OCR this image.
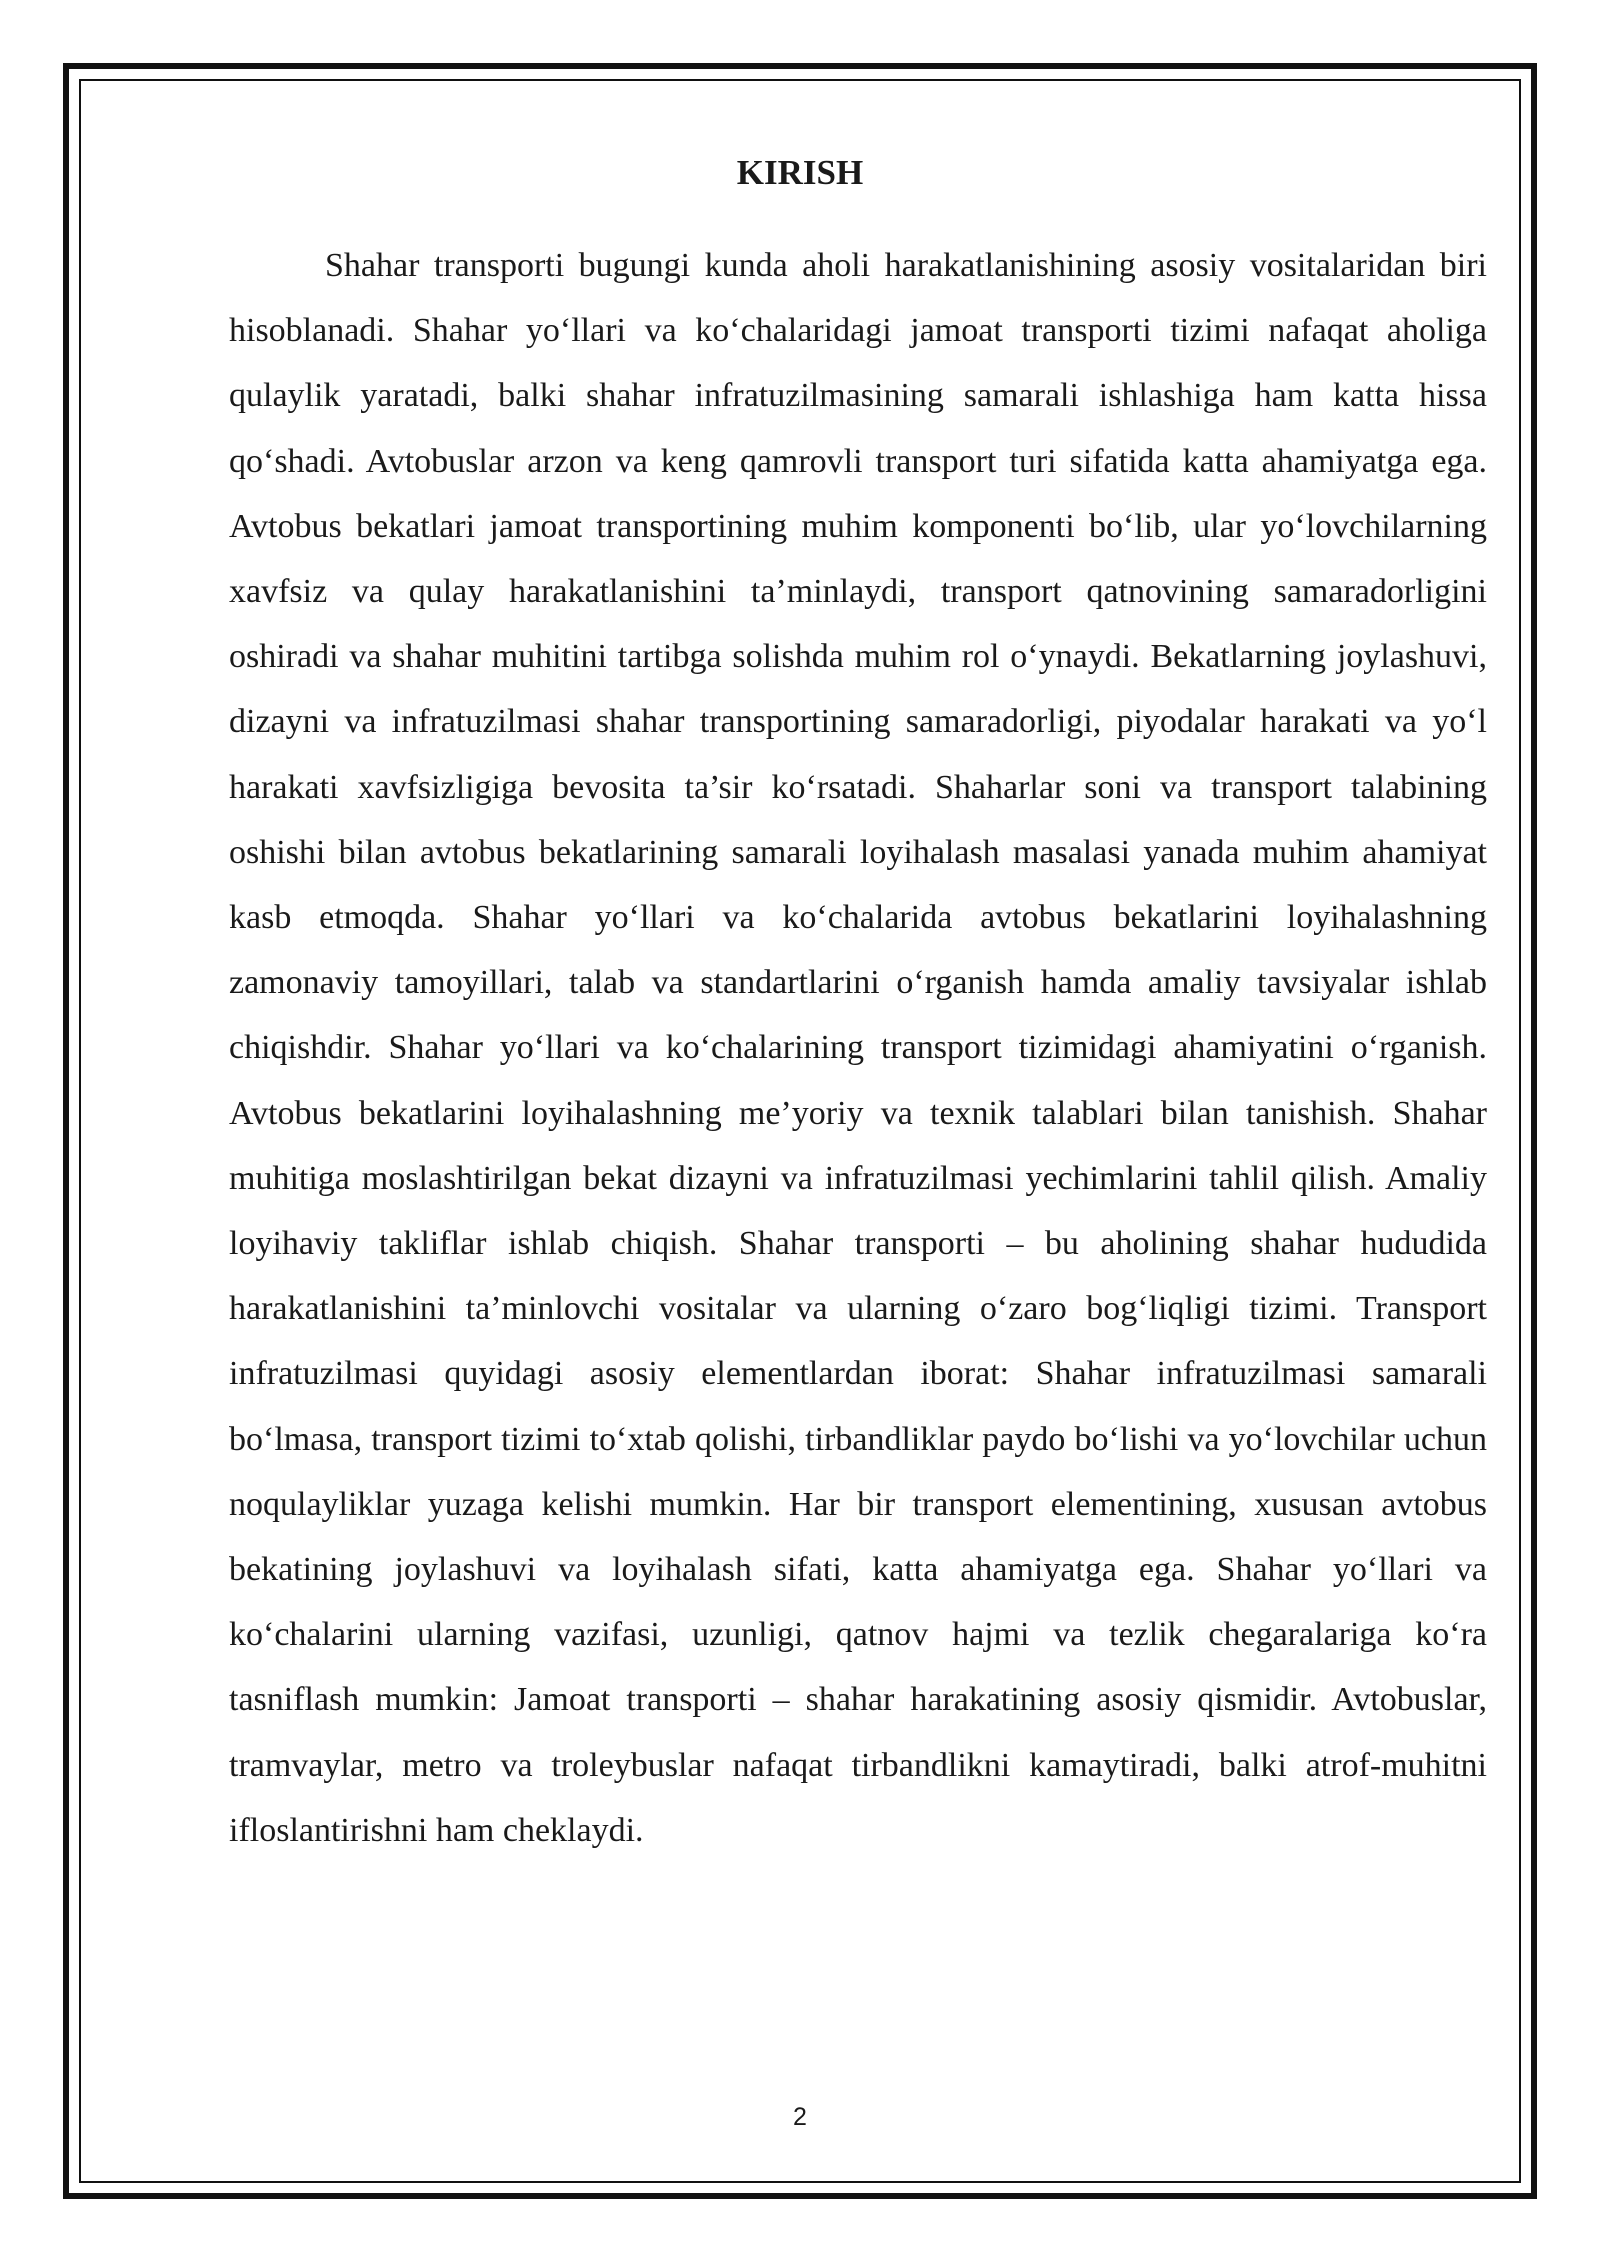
KIRISH

Shahar transporti bugungi kunda aholi harakatlanishining asosiy vositalaridan biri hisoblanadi. Shahar yo‘llari va ko‘chalaridagi jamoat transporti tizimi nafaqat aholiga qulaylik yaratadi, balki shahar infratuzilmasining samarali ishlashiga ham katta hissa qo‘shadi. Avtobuslar arzon va keng qamrovli transport turi sifatida katta ahamiyatga ega. Avtobus bekatlari jamoat transportining muhim komponenti bo‘lib, ular yo‘lovchilarning xavfsiz va qulay harakatlanishini ta’minlaydi, transport qatnovining samaradorligini oshiradi va shahar muhitini tartibga solishda muhim rol o‘ynaydi. Bekatlarning joylashuvi, dizayni va infratuzilmasi shahar transportining samaradorligi, piyodalar harakati va yo‘l harakati xavfsizligiga bevosita ta’sir ko‘rsatadi. Shaharlar soni va transport talabining oshishi bilan avtobus bekatlarining samarali loyihalash masalasi yanada muhim ahamiyat kasb etmoqda. Shahar yo‘llari va ko‘chalarida avtobus bekatlarini loyihalashning zamonaviy tamoyillari, talab va standartlarini o‘rganish hamda amaliy tavsiyalar ishlab chiqishdir. Shahar yo‘llari va ko‘chalarining transport tizimidagi ahamiyatini o‘rganish. Avtobus bekatlarini loyihalashning me’yoriy va texnik talablari bilan tanishish. Shahar muhitiga moslashtirilgan bekat dizayni va infratuzilmasi yechimlarini tahlil qilish. Amaliy loyihaviy takliflar ishlab chiqish. Shahar transporti – bu aholining shahar hududida harakatlanishini ta’minlovchi vositalar va ularning o‘zaro bog‘liqligi tizimi. Transport infratuzilmasi quyidagi asosiy elementlardan iborat: Shahar infratuzilmasi samarali bo‘lmasa, transport tizimi to‘xtab qolishi, tirbandliklar paydo bo‘lishi va yo‘lovchilar uchun noqulayliklar yuzaga kelishi mumkin. Har bir transport elementining, xususan avtobus bekatining joylashuvi va loyihalash sifati, katta ahamiyatga ega. Shahar yo‘llari va ko‘chalarini ularning vazifasi, uzunligi, qatnov hajmi va tezlik chegaralariga ko‘ra tasniflash mumkin: Jamoat transporti – shahar harakatining asosiy qismidir. Avtobuslar, tramvaylar, metro va troleybuslar nafaqat tirbandlikni kamaytiradi, balki atrof-muhitni ifloslantirishni ham cheklaydi.

2
